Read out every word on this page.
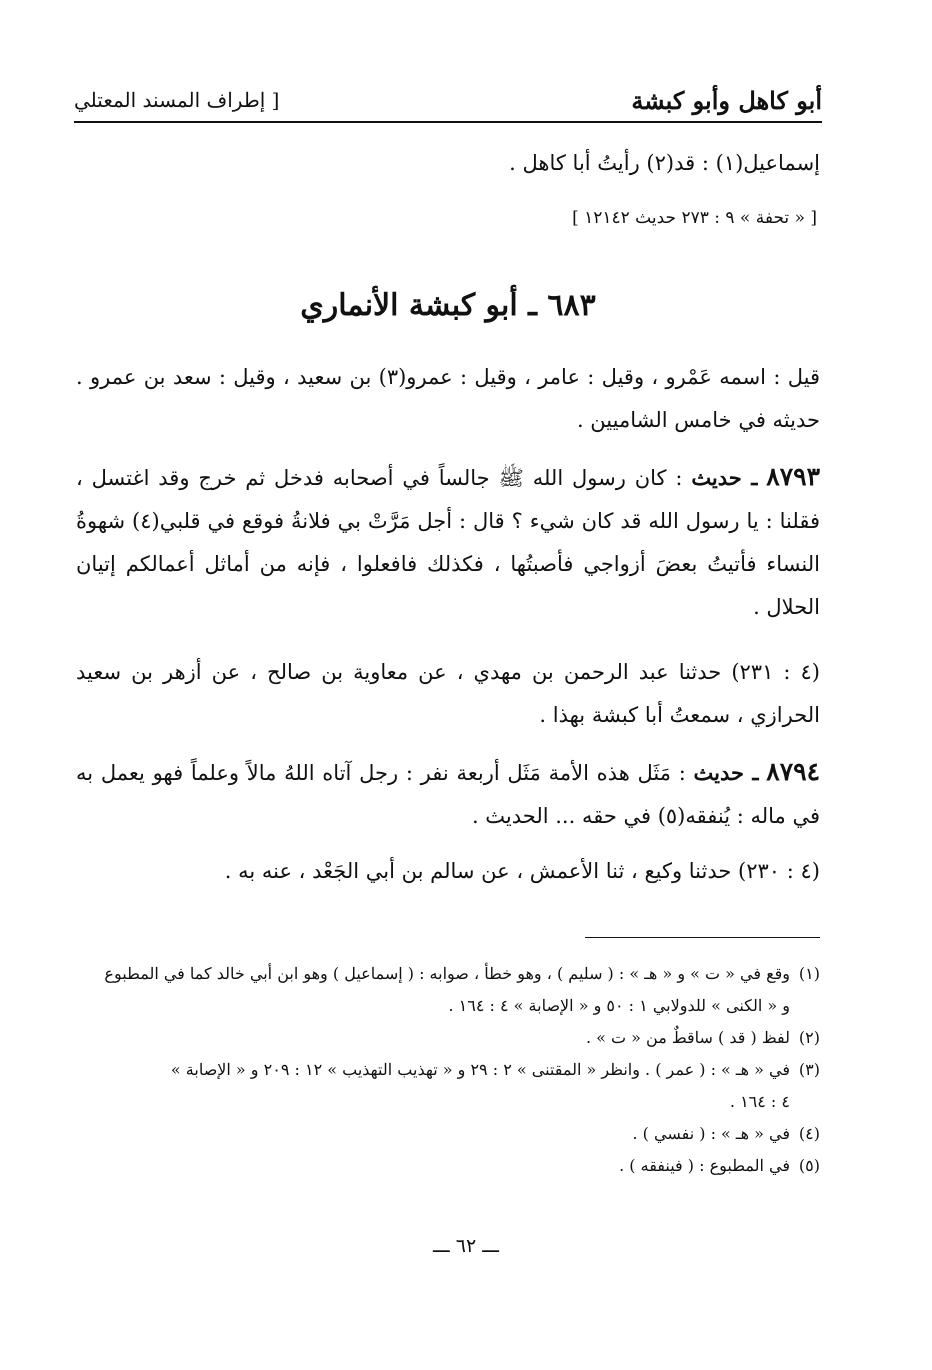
أبو كاهل وأبو كبشة
[ إطراف المسند المعتلي
إسماعيل(١) : قد(٢) رأيتُ أبا كاهل .
[ « تحفة » ٩ : ٢٧٣ حديث ١٢١٤٢ ]
٦٨٣ ـ أبو كبشة الأنماري
قيل : اسمه عَمْرو ، وقيل : عامر ، وقيل : عمرو(٣) بن سعيد ، وقيل : سعد بن عمرو . حديثه في خامس الشاميين .
٨٧٩٣ ـ حديث : كان رسول الله ﷺ جالساً في أصحابه فدخل ثم خرج وقد اغتسل ، فقلنا : يا رسول الله قد كان شيء ؟ قال : أجل مَرَّتْ بي فلانةُ فوقع في قلبي(٤) شهوةُ النساء فأتيتُ بعضَ أزواجي فأصبتُها ، فكذلك فافعلوا ، فإنه من أماثل أعمالكم إتيان الحلال .
(٤ : ٢٣١) حدثنا عبد الرحمن بن مهدي ، عن معاوية بن صالح ، عن أزهر بن سعيد الحرازي ، سمعتُ أبا كبشة بهذا .
٨٧٩٤ ـ حديث : مَثَل هذه الأمة مَثَل أربعة نفر : رجل آتاه اللهُ مالاً وعلماً فهو يعمل به في ماله : يُنفقه(٥) في حقه ... الحديث .
(٤ : ٢٣٠) حدثنا وكيع ، ثنا الأعمش ، عن سالم بن أبي الجَعْد ، عنه به .
(١)وقع في « ت » و « هـ » : ( سليم ) ، وهو خطأ ، صوابه : ( إسماعيل ) وهو ابن أبي خالد كما في المطبوع
و « الكنى » للدولابي ١ : ٥٠ و « الإصابة » ٤ : ١٦٤ .
(٢)لفظ ( قد ) ساقطٌ من « ت » .
(٣)في « هـ » : ( عمر ) . وانظر « المقتنى » ٢ : ٢٩ و « تهذيب التهذيب » ١٢ : ٢٠٩ و « الإصابة »
٤ : ١٦٤ .
(٤)في « هـ » : ( نفسي ) .
(٥)في المطبوع : ( فينفقه ) .
ـــ ٦٢ ـــ
